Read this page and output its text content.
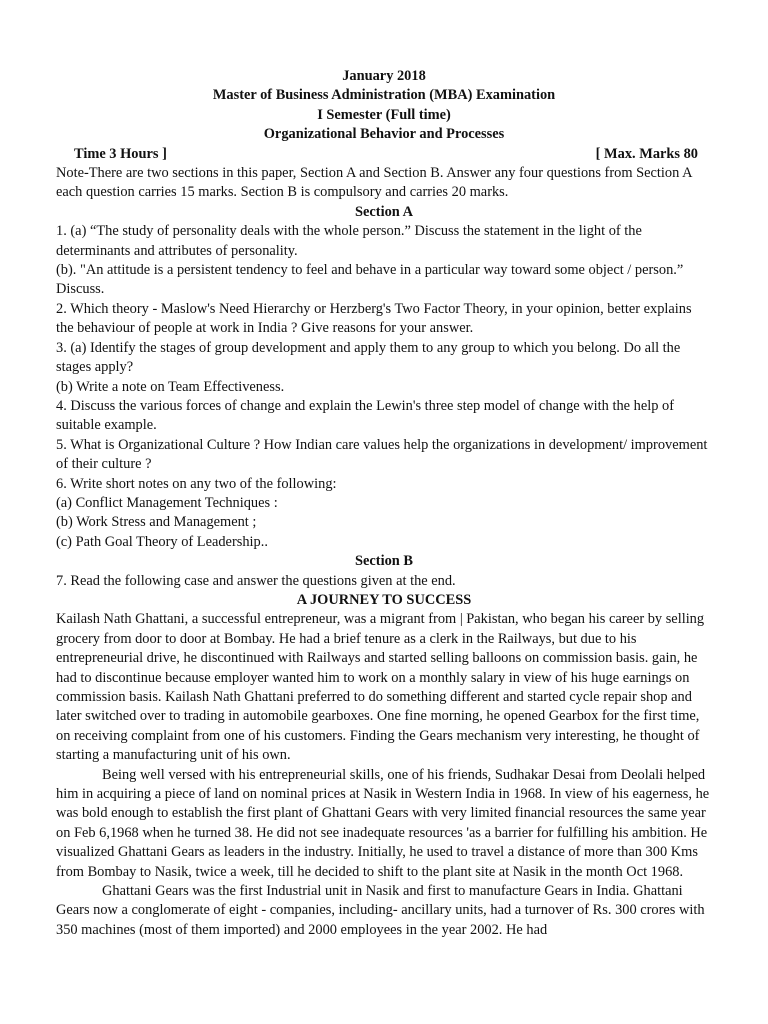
January 2018

Master of Business Administration (MBA) Examination

I Semester (Full time)

Organizational Behavior and Processes

Time 3 Hours ]	[ Max. Marks 80

Note-There are two sections in this paper, Section A and Section B. Answer any four questions from Section A each question carries 15 marks. Section B is compulsory and carries 20 marks.

Section A

1. (a) “The study of personality deals with the whole person.” Discuss the statement in the light of the determinants and attributes of personality.

(b). "An attitude is a persistent tendency to feel and behave in a particular way toward some object / person.” Discuss.

2. Which theory - Maslow's Need Hierarchy or Herzberg's Two Factor Theory, in your opinion, better explains the behaviour of people at work in India ? Give reasons for your answer.

3. (a) Identify the stages of group development and apply them to any group to which you belong. Do all the stages apply?

(b) Write a note on Team Effectiveness.

4. Discuss the various forces of change and explain the Lewin's three step model of change with the help of suitable example.

5. What is Organizational Culture ? How Indian care values help the organizations in development/ improvement of their culture ?

6. Write short notes on any two of the following:

(a) Conflict Management Techniques :

(b) Work Stress and Management ;

(c) Path Goal Theory of Leadership..

Section B

7. Read the following case and answer the questions given at the end.

A JOURNEY TO SUCCESS

Kailash Nath Ghattani, a successful entrepreneur, was a migrant from | Pakistan, who began his career by selling grocery from door to door at Bombay. He had a brief tenure as a clerk in the Railways, but due to his entrepreneurial drive, he discontinued with Railways and started selling balloons on commission basis. gain, he had to discontinue because employer wanted him to work on a monthly salary in view of his huge earnings on commission basis. Kailash Nath Ghattani preferred to do something different and started cycle repair shop and later switched over to trading in automobile gearboxes. One fine morning, he opened Gearbox for the first time, on receiving complaint from one of his customers. Finding the Gears mechanism very interesting, he thought of starting a manufacturing unit of his own.

Being well versed with his entrepreneurial skills, one of his friends, Sudhakar Desai from Deolali helped him in acquiring a piece of land on nominal prices at Nasik in Western India in 1968. In view of his eagerness, he was bold enough to establish the first plant of Ghattani Gears with very limited financial resources the same year on Feb 6,1968 when he turned 38. He did not see inadequate resources 'as a barrier for fulfilling his ambition. He visualized Ghattani Gears as leaders in the industry. Initially, he used to travel a distance of more than 300 Kms from Bombay to Nasik, twice a week, till he decided to shift to the plant site at Nasik in the month Oct 1968.

Ghattani Gears was the first Industrial unit in Nasik and first to manufacture Gears in India. Ghattani Gears now a conglomerate of eight - companies, including- ancillary units, had a turnover of Rs. 300 crores with 350 machines (most of them imported) and 2000 employees in the year 2002. He had
